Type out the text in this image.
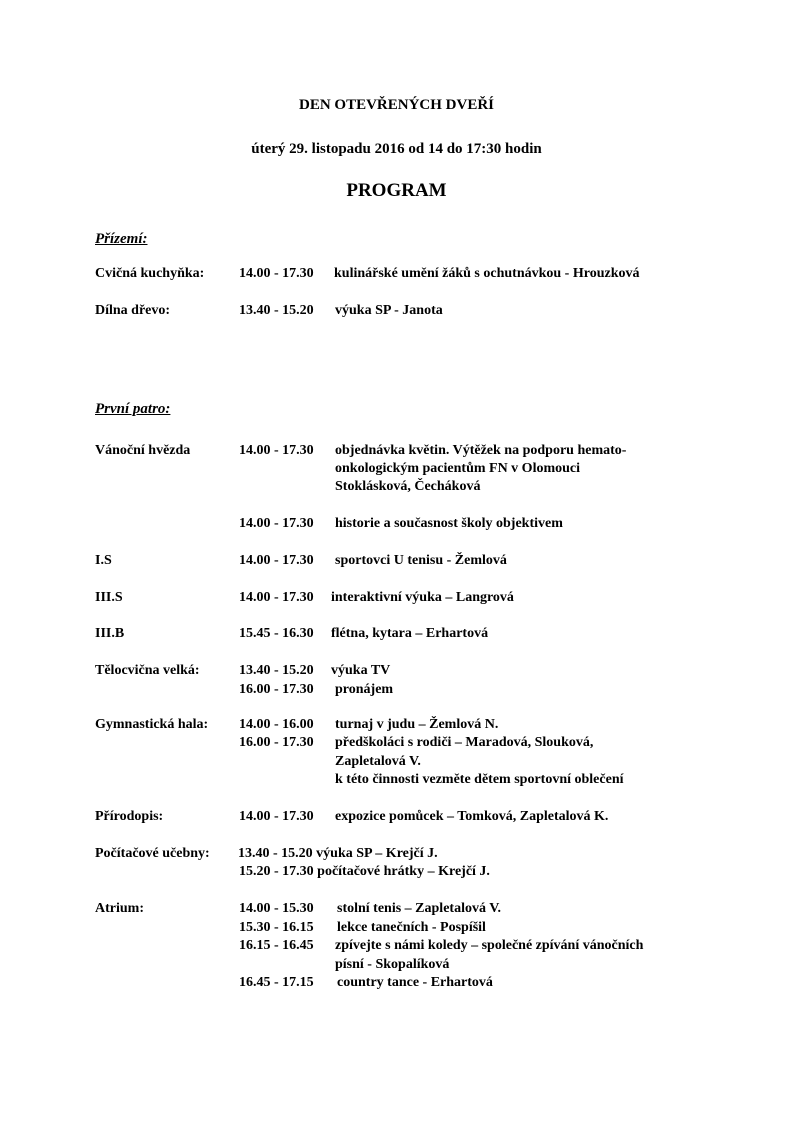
DEN OTEVŘENÝCH DVEŘÍ
úterý 29. listopadu 2016 od 14 do 17:30 hodin
PROGRAM
Přízemí:
Cvičná kuchyňka: 14.00 - 17.30 kulinářské umění žáků s ochutnávkou - Hrouzková
Dílna dřevo:	13.40 - 15.20 výuka SP - Janota
První patro:
Vánoční hvězda	14.00 - 17.30 objednávka květin. Výtěžek na podporu hemato-
onkologickým pacientům FN v Olomouci
Stoklásková, Čecháková
14.00 - 17.30 historie a současnost školy objektivem
I.S	14.00 - 17.30 sportovci U tenisu - Žemlová
III.S	14.00 - 17.30 interaktivní výuka – Langrová
III.B	15.45 - 16.30 flétna, kytara – Erhartová
Tělocvična velká:	13.40 - 15.20 výuka TV
16.00 - 17.30 pronájem
Gymnastická hala: 14.00 - 16.00 turnaj v judu – Žemlová N.
16.00 - 17.30 předškoláci s rodiči – Maradová, Slouková,
Zapletalová V.
k této činnosti vezměte dětem sportovní oblečení
Přírodopis:	14.00 - 17.30 expozice pomůcek – Tomková, Zapletalová K.
Počítačové učebny: 13.40 - 15.20 výuka SP – Krejčí J.
15.20 - 17.30 počítačové hrátky – Krejčí J.
Atrium:	14.00 - 15.30 stolní tenis – Zapletalová V.
15.30 - 16.15 lekce tanečních - Pospíšil
16.15 - 16.45 zpívejte s námi koledy – společné zpívání vánočních
písní - Skopalíková
16.45 - 17.15 country tance - Erhartová
